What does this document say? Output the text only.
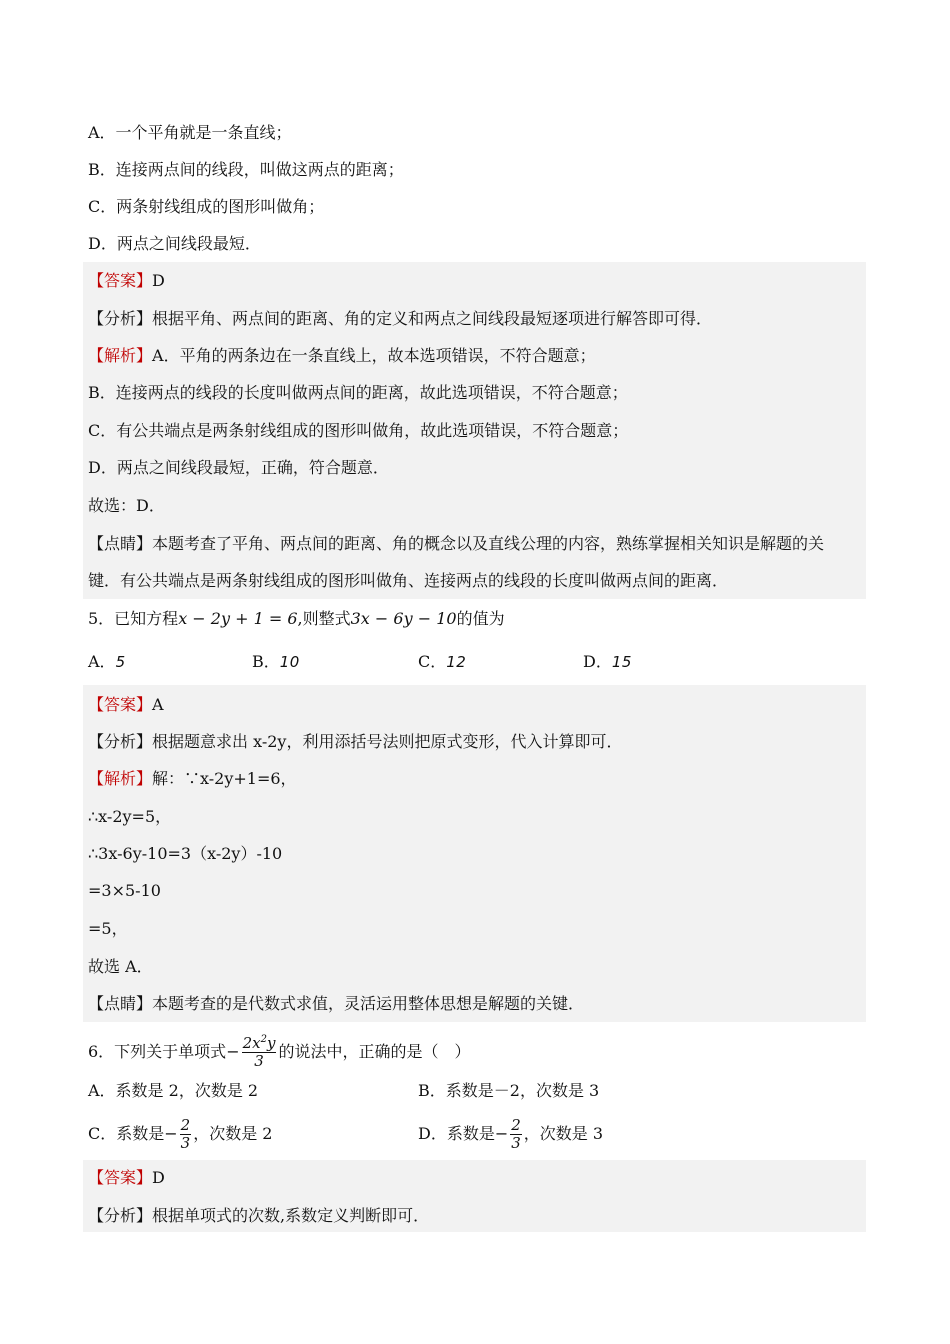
A．一个平角就是一条直线；
B．连接两点间的线段，叫做这两点的距离；
C．两条射线组成的图形叫做角；
D．两点之间线段最短．
【答案】D
【分析】根据平角、两点间的距离、角的定义和两点之间线段最短逐项进行解答即可得．
【解析】A．平角的两条边在一条直线上，故本选项错误，不符合题意；
B．连接两点的线段的长度叫做两点间的距离，故此选项错误，不符合题意；
C．有公共端点是两条射线组成的图形叫做角，故此选项错误，不符合题意；
D．两点之间线段最短，正确，符合题意．
故选：D．
【点睛】本题考查了平角、两点间的距离、角的概念以及直线公理的内容，熟练掌握相关知识是解题的关
键．有公共端点是两条射线组成的图形叫做角、连接两点的线段的长度叫做两点间的距离．
5．已知方程x − 2y + 1 = 6,则整式3x − 6y − 10的值为
A．5	B．10	C．12	D．15
【答案】A
【分析】根据题意求出 x-2y，利用添括号法则把原式变形，代入计算即可．
【解析】解：∵x-2y+1=6，
∴x-2y=5，
∴3x-6y-10=3（x-2y）-10
=3×5-10
=5，
故选 A．
【点睛】本题考查的是代数式求值，灵活运用整体思想是解题的关键．
6．下列关于单项式− $\frac{2x^2y}{3}$ 的说法中，正确的是（　）
A．系数是 2，次数是 2	B．系数是－2，次数是 3
C．系数是− $\frac{2}{3}$ ，次数是 2	D．系数是− $\frac{2}{3}$ ，次数是 3
【答案】D
【分析】根据单项式的次数,系数定义判断即可．
